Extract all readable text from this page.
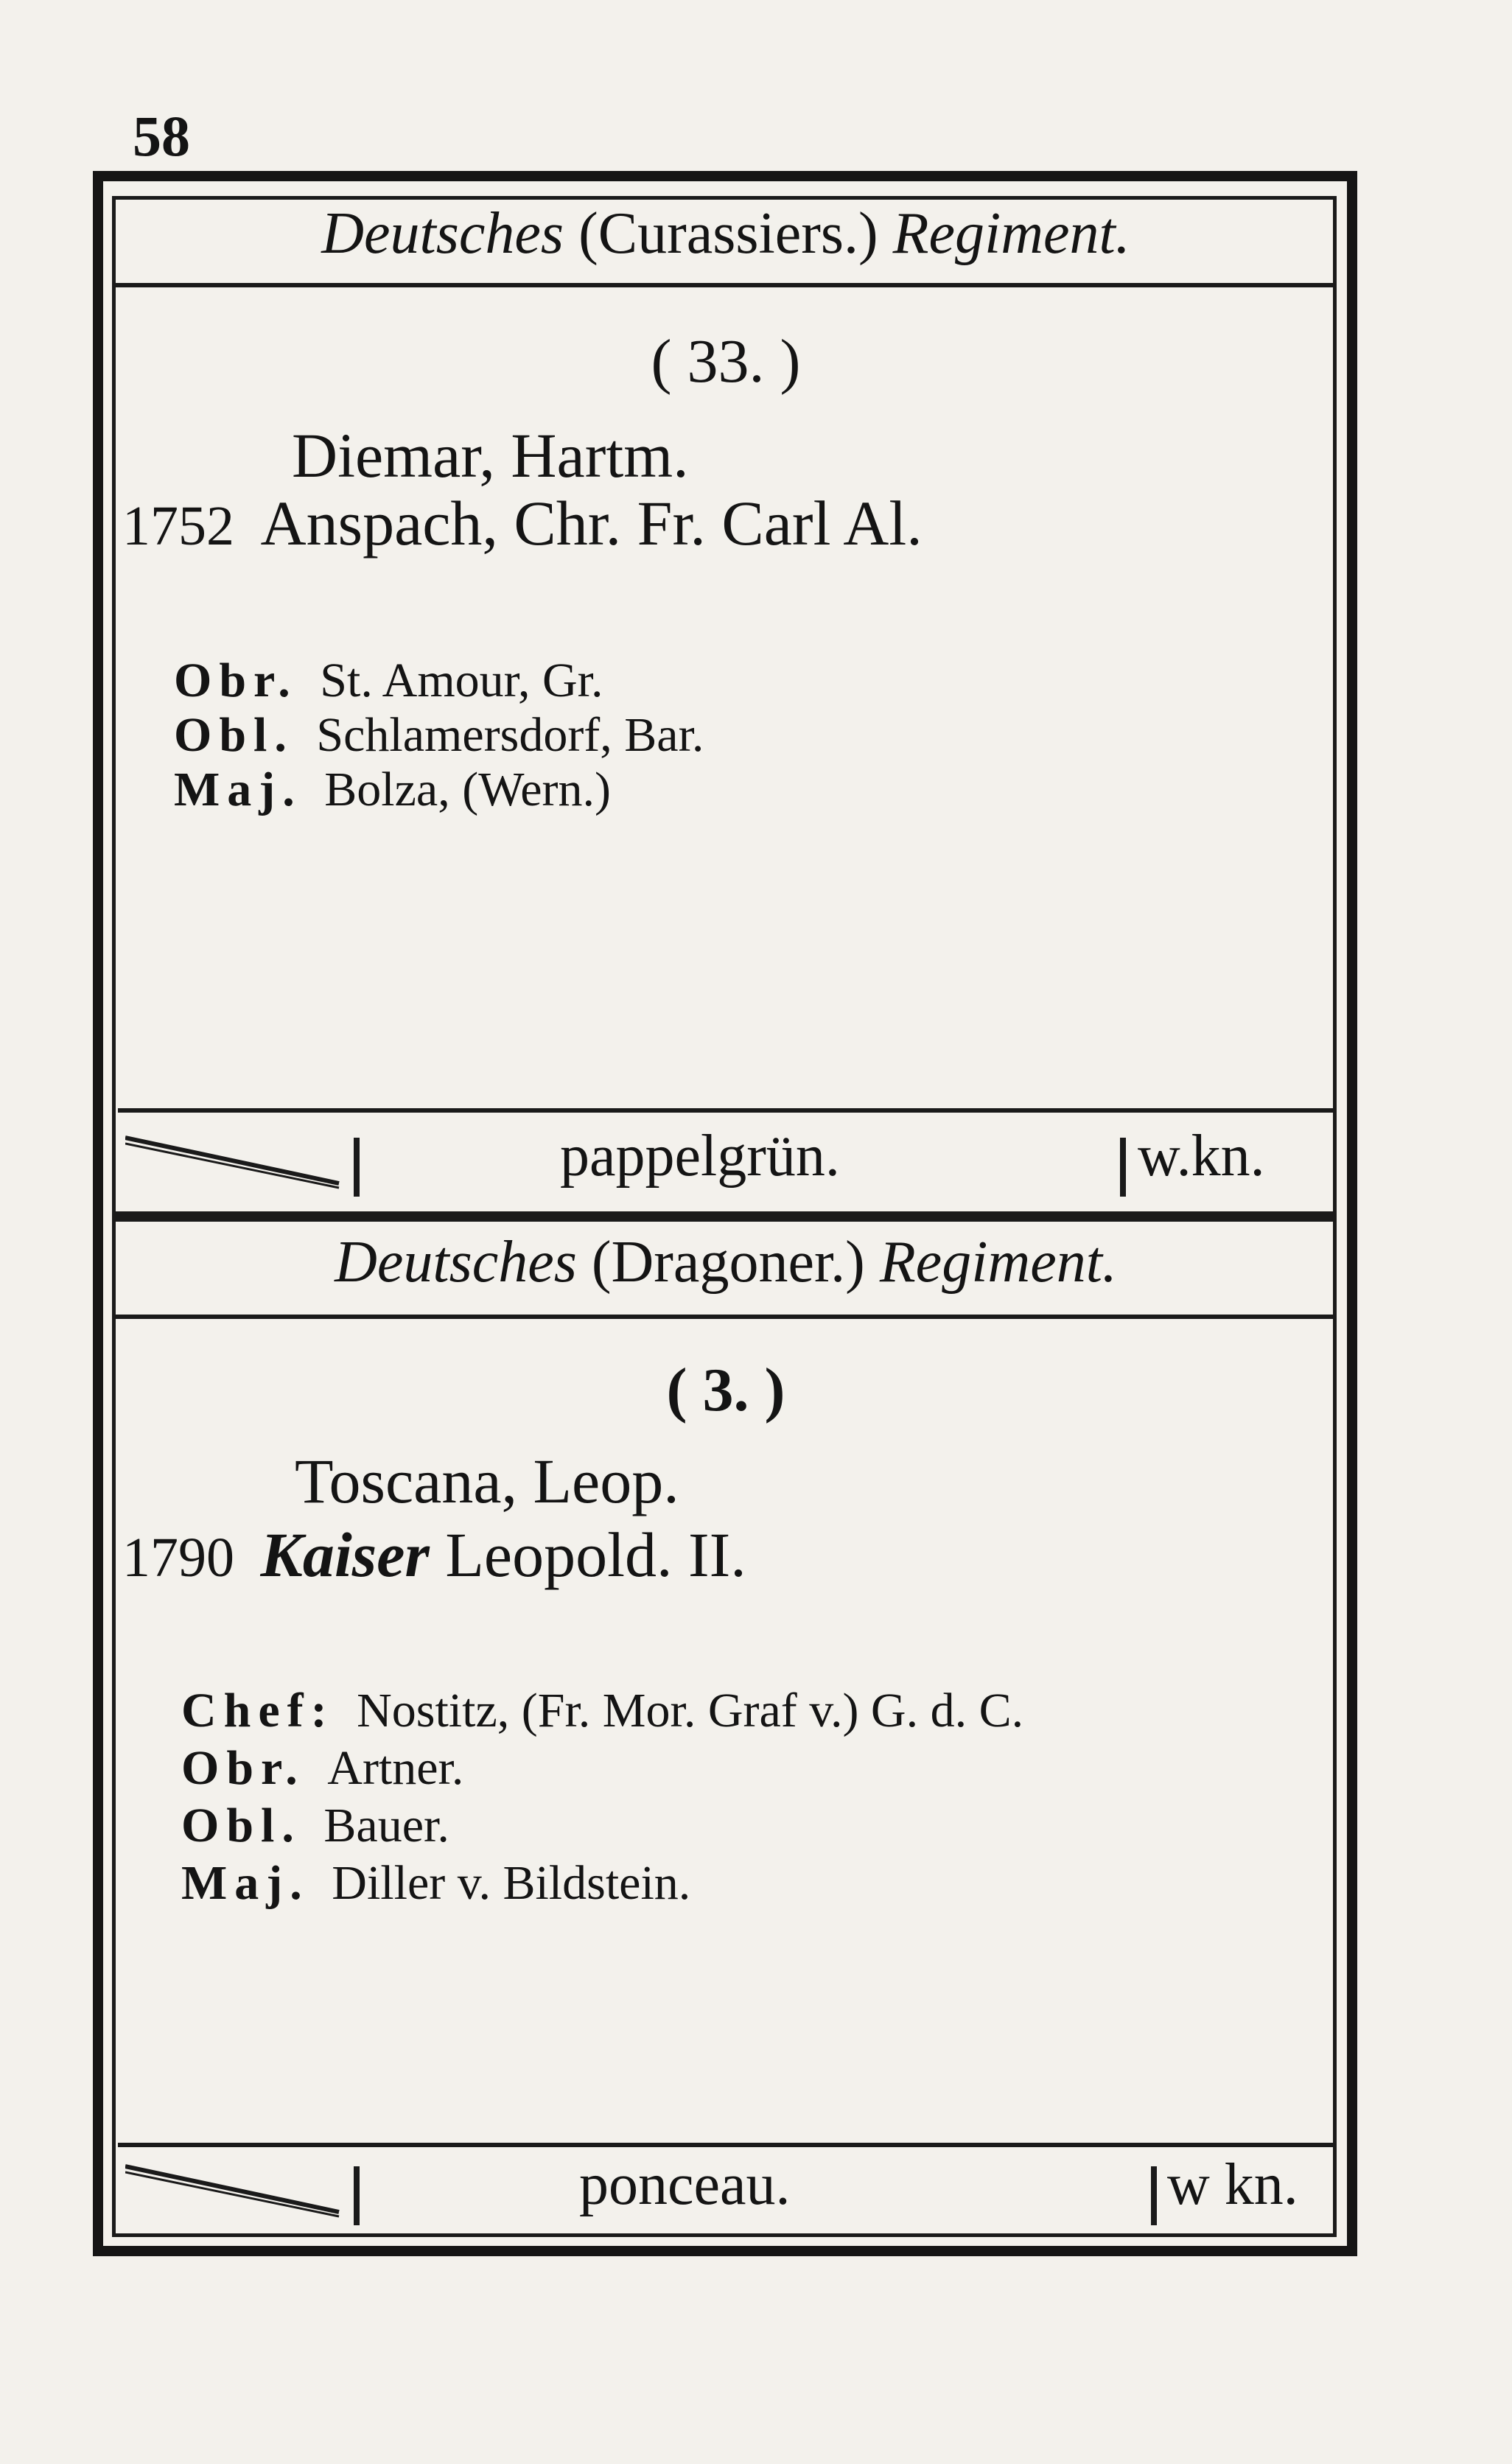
58
Deutsches (Curassiers.) Regiment.
( 33. )
Diemar, Hartm.
1752 Anspach, Chr. Fr. Carl Al.
Obr. St. Amour, Gr.
Obl. Schlamersdorf, Bar.
Maj. Bolza, (Wern.)
pappelgrün.	w.kn.
Deutsches (Dragoner.) Regiment.
( 3. )
Toscana, Leop.
1790 Kaiser Leopold. II.
Chef: Nostitz, (Fr. Mor. Graf v.) G. d. C.
Obr. Artner.
Obl. Bauer.
Maj. Diller v. Bildstein.
ponceau.	w kn.
